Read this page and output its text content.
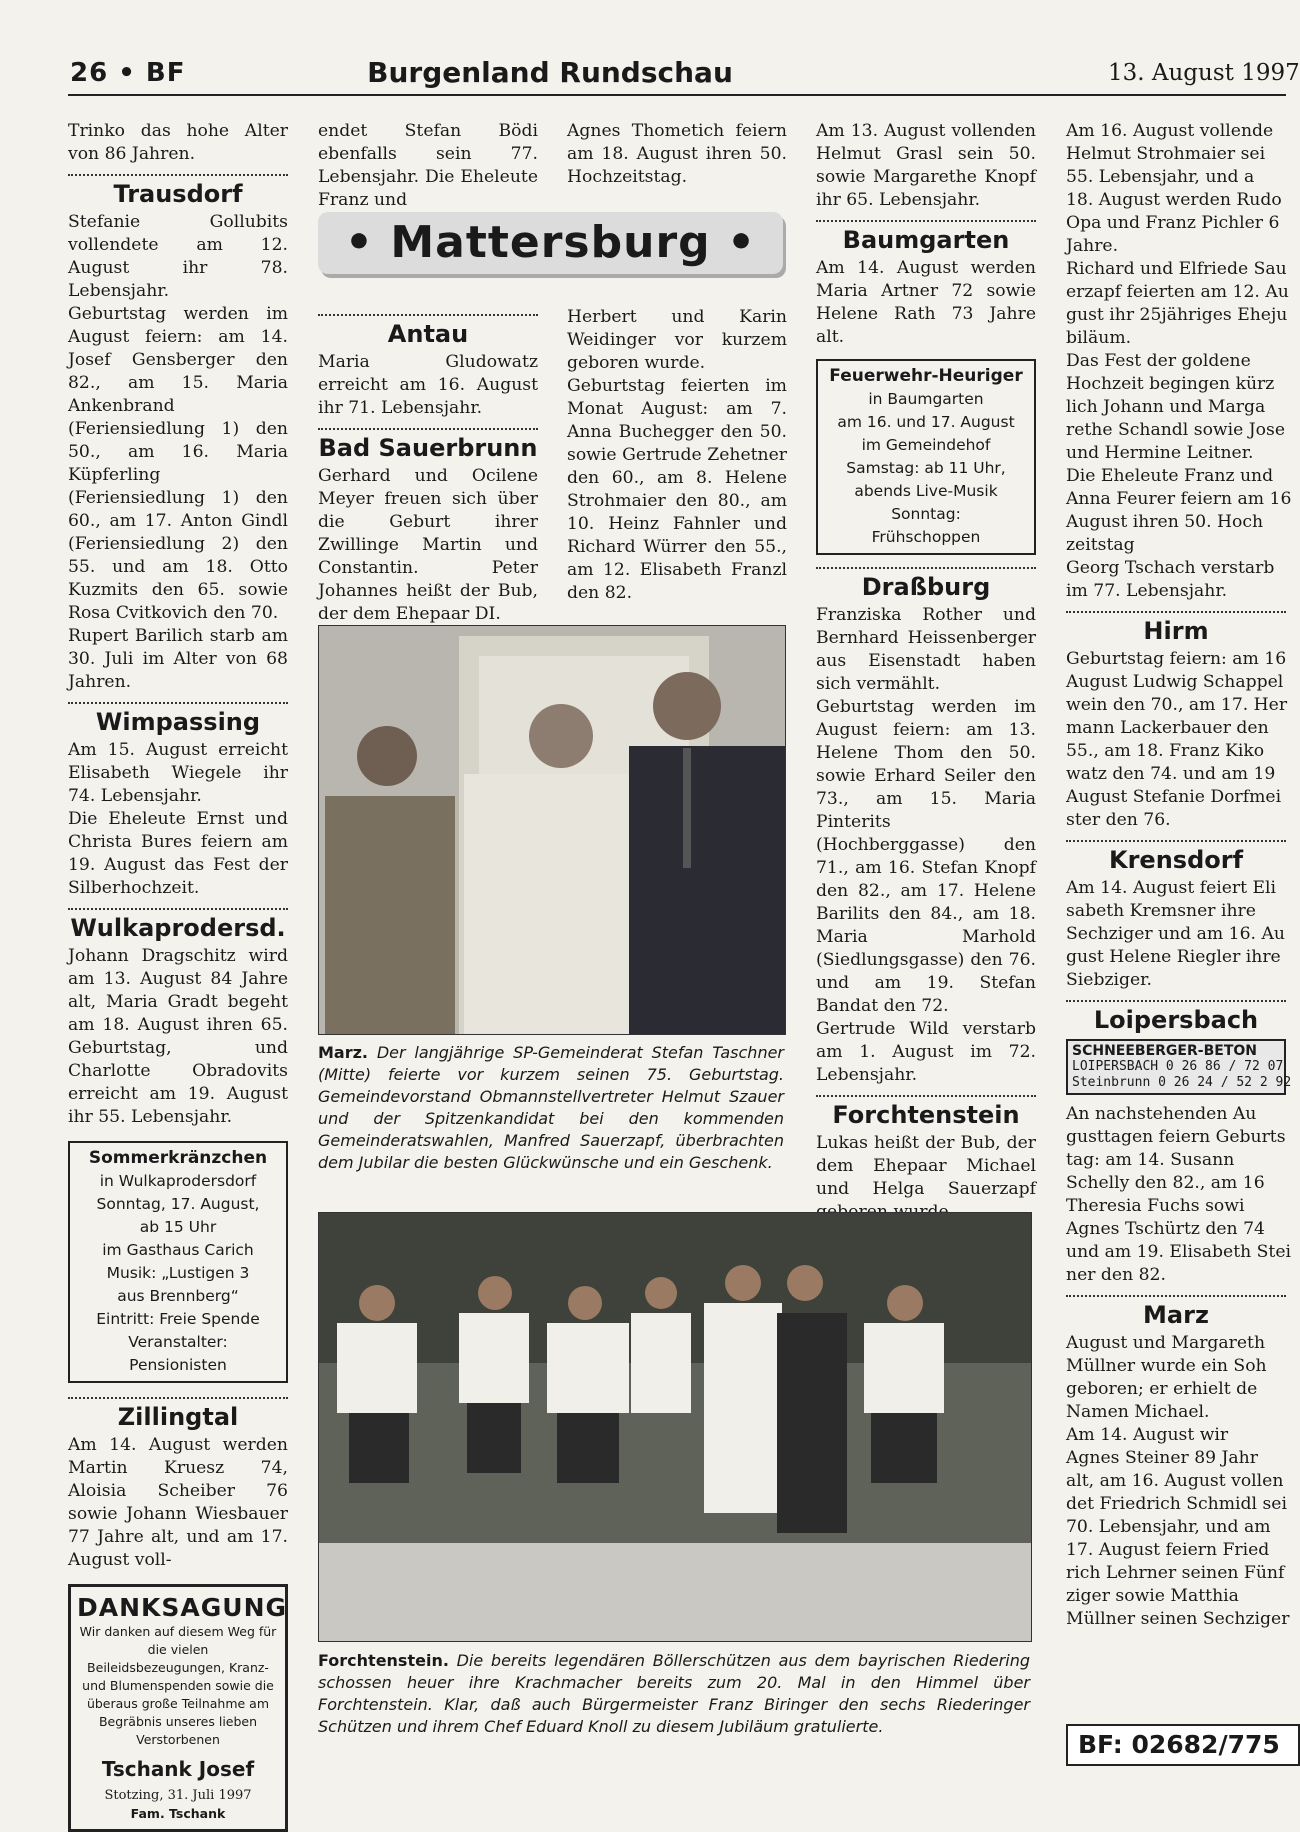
26 • BF	Burgenland Rundschau	13. August 1997

Trinko das hohe Alter von 86 Jahren.

Trausdorf

Stefanie Gollubits vollendete am 12. August ihr 78. Lebensjahr.

Geburtstag werden im August feiern: am 14. Josef Gensberger den 82., am 15. Maria Ankenbrand (Feriensiedlung 1) den 50., am 16. Maria Küpferling (Feriensiedlung 1) den 60., am 17. Anton Gindl (Feriensiedlung 2) den 55. und am 18. Otto Kuzmits den 65. sowie Rosa Cvitkovich den 70.

Rupert Barilich starb am 30. Juli im Alter von 68 Jahren.

Wimpassing

Am 15. August erreicht Elisabeth Wiegele ihr 74. Lebensjahr.

Die Eheleute Ernst und Christa Bures feiern am 19. August das Fest der Silberhochzeit.

Wulkaprodersd.

Johann Dragschitz wird am 13. August 84 Jahre alt, Maria Gradt begeht am 18. August ihren 65. Geburtstag, und Charlotte Obradovits erreicht am 19. August ihr 55. Lebensjahr.

Sommerkränzchen
in Wulkaprodersdorf
Sonntag, 17. August,
ab 15 Uhr
im Gasthaus Carich
Musik: „Lustigen 3
aus Brennberg“
Eintritt: Freie Spende
Veranstalter:
Pensionisten
Zillingtal

Am 14. August werden Martin Kruesz 74, Aloisia Scheiber 76 sowie Johann Wiesbauer 77 Jahre alt, und am 17. August voll-

DANKSAGUNG
Wir danken auf diesem Weg für die vielen Beileidsbezeugungen, Kranz- und Blumenspenden sowie die überaus große Teilnahme am Begräbnis unseres lieben Verstorbenen
Tschank Josef
Stotzing, 31. Juli 1997
Fam. Tschank

endet Stefan Bödi ebenfalls sein 77. Lebensjahr. Die Eheleute Franz und

• Mattersburg •
Antau

Maria Gludowatz erreicht am 16. August ihr 71. Lebensjahr.

Bad Sauerbrunn

Gerhard und Ocilene Meyer freuen sich über die Geburt ihrer Zwillinge Martin und Constantin. Peter Johannes heißt der Bub, der dem Ehepaar DI.

Agnes Thometich feiern am 18. August ihren 50. Hochzeitstag.

Herbert und Karin Weidinger vor kurzem geboren wurde.

Geburtstag feierten im Monat August: am 7. Anna Buchegger den 50. sowie Gertrude Zehetner den 60., am 8. Helene Strohmaier den 80., am 10. Heinz Fahnler und Richard Würrer den 55., am 12. Elisabeth Franzl den 82.

Marz. Der langjährige SP-Gemeinderat Stefan Taschner (Mitte) feierte vor kurzem seinen 75. Geburtstag. Gemeindevorstand Obmannstellvertreter Helmut Szauer und der Spitzenkandidat bei den kommenden Gemeinderatswahlen, Manfred Sauerzapf, überbrachten dem Jubilar die besten Glückwünsche und ein Geschenk.

Am 13. August vollenden Helmut Grasl sein 50. sowie Margarethe Knopf ihr 65. Lebensjahr.

Baumgarten

Am 14. August werden Maria Artner 72 sowie Helene Rath 73 Jahre alt.

Feuerwehr-Heuriger
in Baumgarten
am 16. und 17. August
im Gemeindehof
Samstag: ab 11 Uhr,
abends Live-Musik
Sonntag:
Frühschoppen
Draßburg

Franziska Rother und Bernhard Heissenberger aus Eisenstadt haben sich vermählt.

Geburtstag werden im August feiern: am 13. Helene Thom den 50. sowie Erhard Seiler den 73., am 15. Maria Pinterits (Hochberggasse) den 71., am 16. Stefan Knopf den 82., am 17. Helene Barilits den 84., am 18. Maria Marhold (Siedlungsgasse) den 76. und am 19. Stefan Bandat den 72.

Gertrude Wild verstarb am 1. August im 72. Lebensjahr.

Forchtenstein

Lukas heißt der Bub, der dem Ehepaar Michael und Helga Sauerzapf

Forchtenstein. Die bereits legendären Böllerschützen aus dem bayrischen Riedering schossen heuer ihre Krachmacher bereits zum 20. Mal in den Himmel über Forchtenstein. Klar, daß auch Bürgermeister Franz Biringer den sechs Riederinger Schützen und ihrem Chef Eduard Knoll zu diesem Jubiläum gratulierte.
Am 16. August vollende
Helmut Strohmaier sei
55. Lebensjahr, und a
18. August werden Rudo
Opa und Franz Pichler 6
Jahre.
Richard und Elfriede Sau
erzapf feierten am 12. Au
gust ihr 25jähriges Eheju
biläum.
Das Fest der goldene
Hochzeit begingen kürz
lich Johann und Marga
rethe Schandl sowie Jose
und Hermine Leitner.
Die Eheleute Franz und
Anna Feurer feiern am 16
August ihren 50. Hoch
zeitstag
Georg Tschach verstarb
im 77. Lebensjahr.
Hirm
Geburtstag feiern: am 16
August Ludwig Schappel
wein den 70., am 17. Her
mann Lackerbauer den
55., am 18. Franz Kiko
watz den 74. und am 19
August Stefanie Dorfmei
ster den 76.
Krensdorf
Am 14. August feiert Eli
sabeth Kremsner ihre
Sechziger und am 16. Au
gust Helene Riegler ihre
Siebziger.
Loipersbach
SCHNEEBERGER-BETON
LOIPERSBACH 0 26 86 / 72 07
Steinbrunn 0 26 24 / 52 2 92
An nachstehenden Au
gusttagen feiern Geburts
tag: am 14. Susann
Schelly den 82., am 16
Theresia Fuchs sowi
Agnes Tschürtz den 74
und am 19. Elisabeth Stei
ner den 82.
Marz
August und Margareth
Müllner wurde ein Soh
geboren; er erhielt de
Namen Michael.
Am 14. August wir
Agnes Steiner 89 Jahr
alt, am 16. August vollen
det Friedrich Schmidl sei
70. Lebensjahr, und am
17. August feiern Fried
rich Lehrner seinen Fünf
ziger sowie Matthia
Müllner seinen Sechziger
BF: 02682/775
